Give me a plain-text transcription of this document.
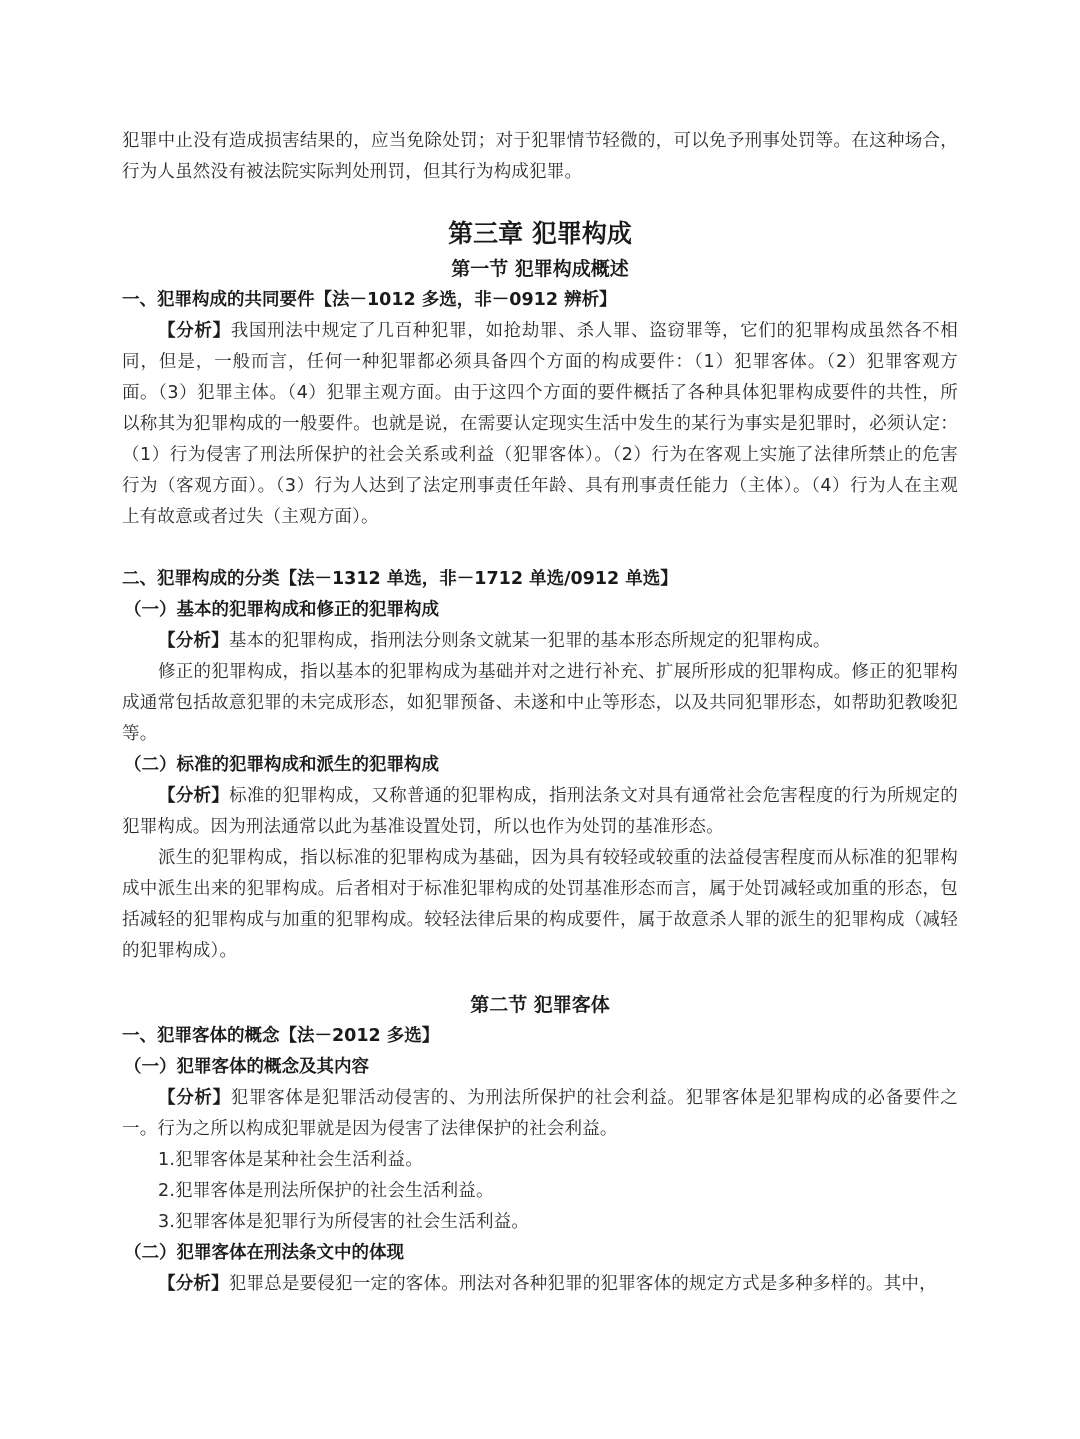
犯罪中止没有造成损害结果的，应当免除处罚；对于犯罪情节轻微的，可以免予刑事处罚等。在这种场合，行为人虽然没有被法院实际判处刑罚，但其行为构成犯罪。

第三章 犯罪构成
第一节 犯罪构成概述
一、犯罪构成的共同要件【法－1012 多选，非－0912 辨析】

【分析】我国刑法中规定了几百种犯罪，如抢劫罪、杀人罪、盗窃罪等，它们的犯罪构成虽然各不相同，但是，一般而言，任何一种犯罪都必须具备四个方面的构成要件：（1）犯罪客体。（2）犯罪客观方面。（3）犯罪主体。（4）犯罪主观方面。由于这四个方面的要件概括了各种具体犯罪构成要件的共性，所以称其为犯罪构成的一般要件。也就是说，在需要认定现实生活中发生的某行为事实是犯罪时，必须认定：（1）行为侵害了刑法所保护的社会关系或利益（犯罪客体）。（2）行为在客观上实施了法律所禁止的危害行为（客观方面）。（3）行为人达到了法定刑事责任年龄、具有刑事责任能力（主体）。（4）行为人在主观上有故意或者过失（主观方面）。

二、犯罪构成的分类【法－1312 单选，非－1712 单选/0912 单选】
（一）基本的犯罪构成和修正的犯罪构成

【分析】基本的犯罪构成，指刑法分则条文就某一犯罪的基本形态所规定的犯罪构成。

修正的犯罪构成，指以基本的犯罪构成为基础并对之进行补充、扩展所形成的犯罪构成。修正的犯罪构成通常包括故意犯罪的未完成形态，如犯罪预备、未遂和中止等形态，以及共同犯罪形态，如帮助犯教唆犯等。

（二）标准的犯罪构成和派生的犯罪构成

【分析】标准的犯罪构成，又称普通的犯罪构成，指刑法条文对具有通常社会危害程度的行为所规定的犯罪构成。因为刑法通常以此为基准设置处罚，所以也作为处罚的基准形态。

派生的犯罪构成，指以标准的犯罪构成为基础，因为具有较轻或较重的法益侵害程度而从标准的犯罪构成中派生出来的犯罪构成。后者相对于标准犯罪构成的处罚基准形态而言，属于处罚减轻或加重的形态，包括减轻的犯罪构成与加重的犯罪构成。较轻法律后果的构成要件，属于故意杀人罪的派生的犯罪构成（减轻的犯罪构成）。

第二节 犯罪客体
一、犯罪客体的概念【法－2012 多选】
（一）犯罪客体的概念及其内容

【分析】犯罪客体是犯罪活动侵害的、为刑法所保护的社会利益。犯罪客体是犯罪构成的必备要件之一。行为之所以构成犯罪就是因为侵害了法律保护的社会利益。

1.犯罪客体是某种社会生活利益。

2.犯罪客体是刑法所保护的社会生活利益。

3.犯罪客体是犯罪行为所侵害的社会生活利益。

（二）犯罪客体在刑法条文中的体现

【分析】犯罪总是要侵犯一定的客体。刑法对各种犯罪的犯罪客体的规定方式是多种多样的。其中，
